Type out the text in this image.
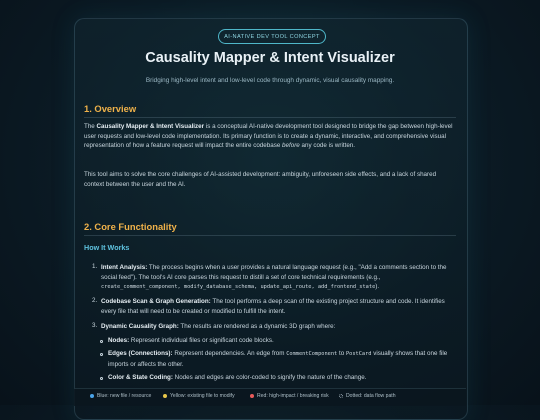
AI-NATIVE DEV TOOL CONCEPT
Causality Mapper & Intent Visualizer
Bridging high-level intent and low-level code through dynamic, visual causality mapping.
1. Overview
The Causality Mapper & Intent Visualizer is a conceptual AI-native development tool designed to bridge the gap between high-level user requests and low-level code implementation. Its primary function is to create a dynamic, interactive, and comprehensive visual representation of how a feature request will impact the entire codebase before any code is written.
This tool aims to solve the core challenges of AI-assisted development: ambiguity, unforeseen side effects, and a lack of shared context between the user and the AI.
2. Core Functionality
How It Works
1. Intent Analysis: The process begins when a user provides a natural language request (e.g., "Add a comments section to the social feed"). The tool's AI core parses this request to distill a set of core technical requirements (e.g., create_comment_component, modify_database_schema, update_api_route, add_frontend_state).
2. Codebase Scan & Graph Generation: The tool performs a deep scan of the existing project structure and code. It identifies every file that will need to be created or modified to fulfill the intent.
3. Dynamic Causality Graph: The results are rendered as a dynamic 3D graph where:
Nodes: Represent individual files or significant code blocks.
Edges (Connections): Represent dependencies. An edge from CommentComponent to PostCard visually shows that one file imports or affects the other.
Color & State Coding: Nodes and edges are color-coded to signify the nature of the change.
Blue: new file / resource	Yellow: existing file to modify	Red: high-impact / breaking risk	Dotted: data flow path
